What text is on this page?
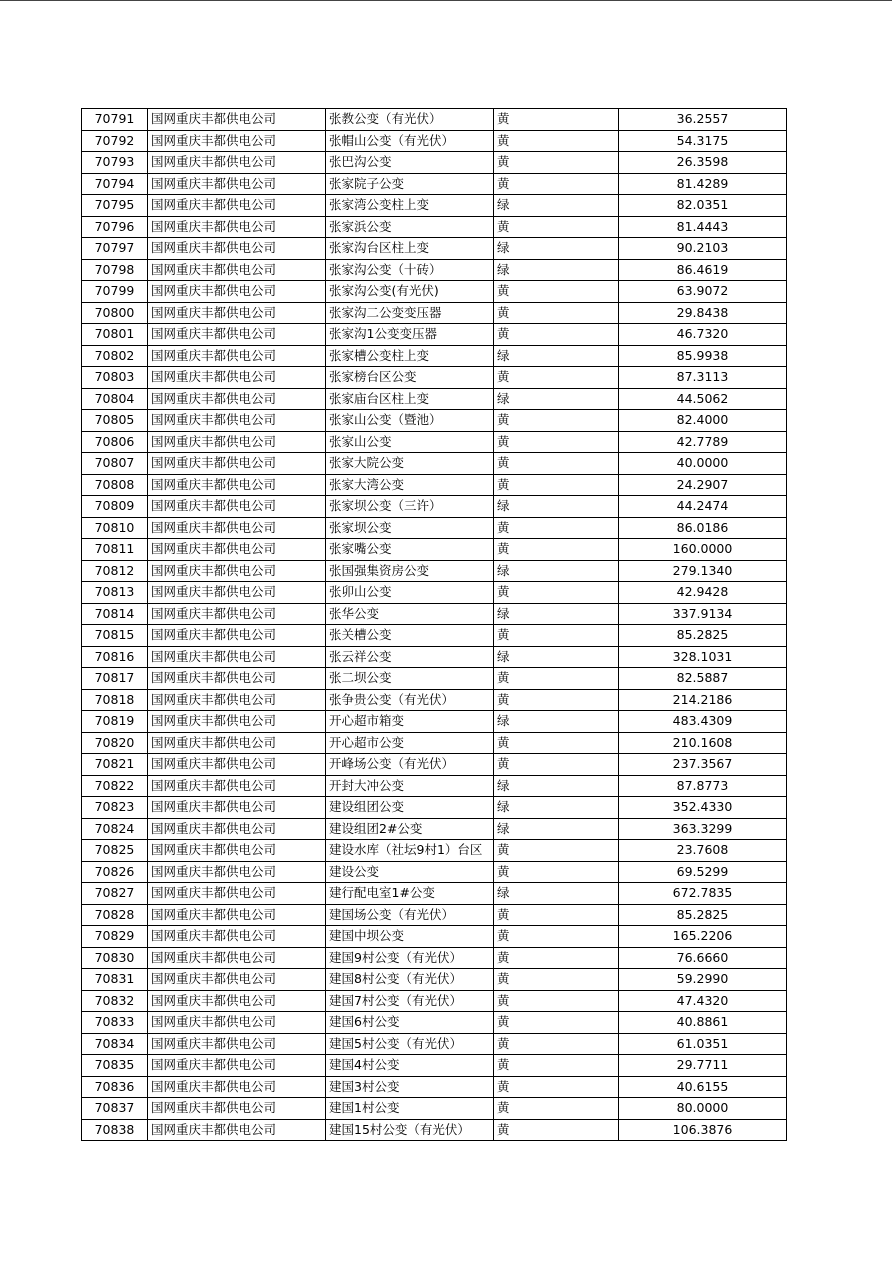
70791	国网重庆丰都供电公司	张教公变（有光伏）	黄	36.2557
70792	国网重庆丰都供电公司	张帽山公变（有光伏）	黄	54.3175
70793	国网重庆丰都供电公司	张巴沟公变	黄	26.3598
70794	国网重庆丰都供电公司	张家院子公变	黄	81.4289
70795	国网重庆丰都供电公司	张家湾公变柱上变	绿	82.0351
70796	国网重庆丰都供电公司	张家浜公变	黄	81.4443
70797	国网重庆丰都供电公司	张家沟台区柱上变	绿	90.2103
70798	国网重庆丰都供电公司	张家沟公变（十砖）	绿	86.4619
70799	国网重庆丰都供电公司	张家沟公变(有光伏)	黄	63.9072
70800	国网重庆丰都供电公司	张家沟二公变变压器	黄	29.8438
70801	国网重庆丰都供电公司	张家沟1公变变压器	黄	46.7320
70802	国网重庆丰都供电公司	张家槽公变柱上变	绿	85.9938
70803	国网重庆丰都供电公司	张家榜台区公变	黄	87.3113
70804	国网重庆丰都供电公司	张家庙台区柱上变	绿	44.5062
70805	国网重庆丰都供电公司	张家山公变（暨池）	黄	82.4000
70806	国网重庆丰都供电公司	张家山公变	黄	42.7789
70807	国网重庆丰都供电公司	张家大院公变	黄	40.0000
70808	国网重庆丰都供电公司	张家大湾公变	黄	24.2907
70809	国网重庆丰都供电公司	张家坝公变（三许）	绿	44.2474
70810	国网重庆丰都供电公司	张家坝公变	黄	86.0186
70811	国网重庆丰都供电公司	张家嘴公变	黄	160.0000
70812	国网重庆丰都供电公司	张国强集资房公变	绿	279.1340
70813	国网重庆丰都供电公司	张卯山公变	黄	42.9428
70814	国网重庆丰都供电公司	张华公变	绿	337.9134
70815	国网重庆丰都供电公司	张关槽公变	黄	85.2825
70816	国网重庆丰都供电公司	张云祥公变	绿	328.1031
70817	国网重庆丰都供电公司	张二坝公变	黄	82.5887
70818	国网重庆丰都供电公司	张争贵公变（有光伏）	黄	214.2186
70819	国网重庆丰都供电公司	开心超市箱变	绿	483.4309
70820	国网重庆丰都供电公司	开心超市公变	黄	210.1608
70821	国网重庆丰都供电公司	开峰场公变（有光伏）	黄	237.3567
70822	国网重庆丰都供电公司	开封大冲公变	绿	87.8773
70823	国网重庆丰都供电公司	建设组团公变	绿	352.4330
70824	国网重庆丰都供电公司	建设组团2#公变	绿	363.3299
70825	国网重庆丰都供电公司	建设水库（社坛9村1）台区	黄	23.7608
70826	国网重庆丰都供电公司	建设公变	黄	69.5299
70827	国网重庆丰都供电公司	建行配电室1#公变	绿	672.7835
70828	国网重庆丰都供电公司	建国场公变（有光伏）	黄	85.2825
70829	国网重庆丰都供电公司	建国中坝公变	黄	165.2206
70830	国网重庆丰都供电公司	建国9村公变（有光伏）	黄	76.6660
70831	国网重庆丰都供电公司	建国8村公变（有光伏）	黄	59.2990
70832	国网重庆丰都供电公司	建国7村公变（有光伏）	黄	47.4320
70833	国网重庆丰都供电公司	建国6村公变	黄	40.8861
70834	国网重庆丰都供电公司	建国5村公变（有光伏）	黄	61.0351
70835	国网重庆丰都供电公司	建国4村公变	黄	29.7711
70836	国网重庆丰都供电公司	建国3村公变	黄	40.6155
70837	国网重庆丰都供电公司	建国1村公变	黄	80.0000
70838	国网重庆丰都供电公司	建国15村公变（有光伏）	黄	106.3876
